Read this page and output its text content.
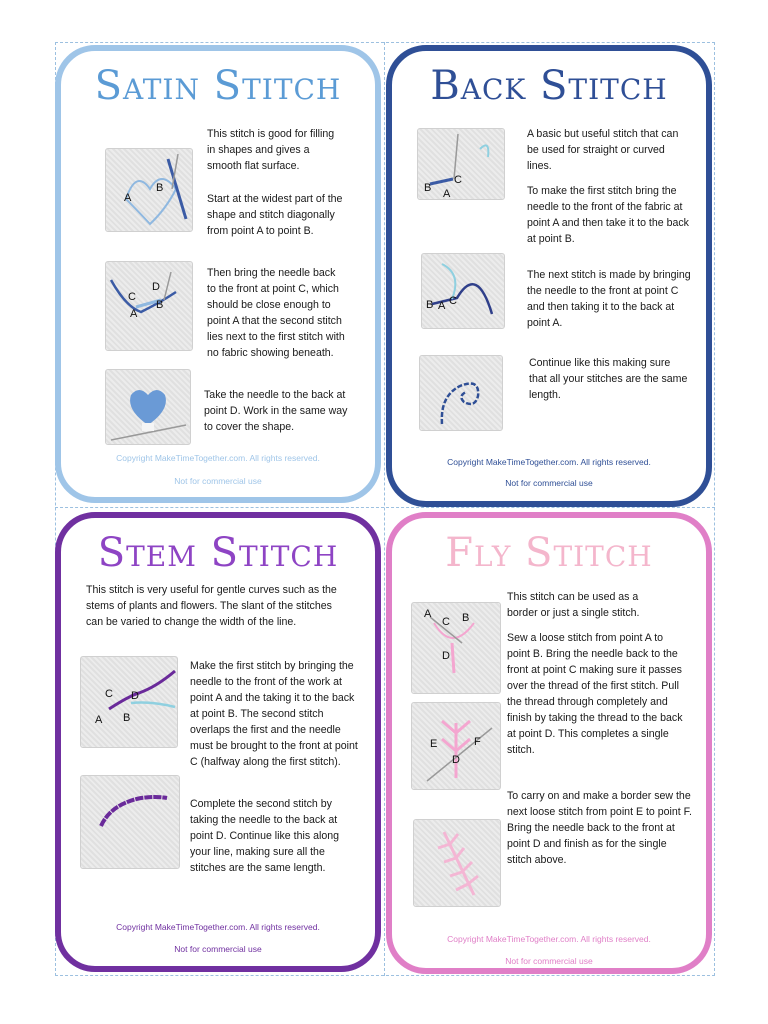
Satin Stitch
A
B
C
D
A
B
This stitch is good for filling in shapes and gives a smooth flat surface.
Start at the widest part of the shape and stitch diagonally from point A to point B.
Then bring the needle back to the front at point C, which should be close enough to point A that the second stitch lies next to the first stitch with no fabric showing beneath.
Take the needle to the back at point D. Work in the same way to cover the shape.
Copyright MakeTimeTogether.com. All rights reserved.
Not for commercial use
Back Stitch
B A
C
B A C
A basic but useful stitch that can be used for straight or curved lines.
To make the first stitch bring the needle to the front of the fabric at point A and then take it to the back at point B.
The next stitch is made by bringing the needle to the front at point C and then taking it to the back at point A.
Continue like this making sure that all your stitches are the same length.
Copyright MakeTimeTogether.com. All rights reserved.
Not for commercial use
Stem Stitch
This stitch is very useful for gentle curves such as the stems of plants and flowers. The slant of the stitches can be varied to change the width of the line.
C D
A B
Make the first stitch by bringing the needle to the front of the work at point A and the taking it to the back at point B. The second stitch overlaps the first and the needle must be brought to the front at point C (halfway along the first stitch).
Complete the second stitch by taking the needle to the back at point D. Continue like this along your line, making sure all the stitches are the same length.
Copyright MakeTimeTogether.com. All rights reserved.
Not for commercial use
Fly Stitch
A
C B
D
E	F
D
This stitch can be used as a border or just a single stitch.
Sew a loose stitch from point A to point B. Bring the needle back to the front at point C making sure it passes over the thread of the first stitch. Pull the thread through completely and finish by taking the thread to the back at point D. This completes a single stitch.
To carry on and make a border sew the next loose stitch from point E to point F. Bring the needle back to the front at point D and finish as for the single stitch above.
Copyright MakeTimeTogether.com. All rights reserved.
Not for commercial use
